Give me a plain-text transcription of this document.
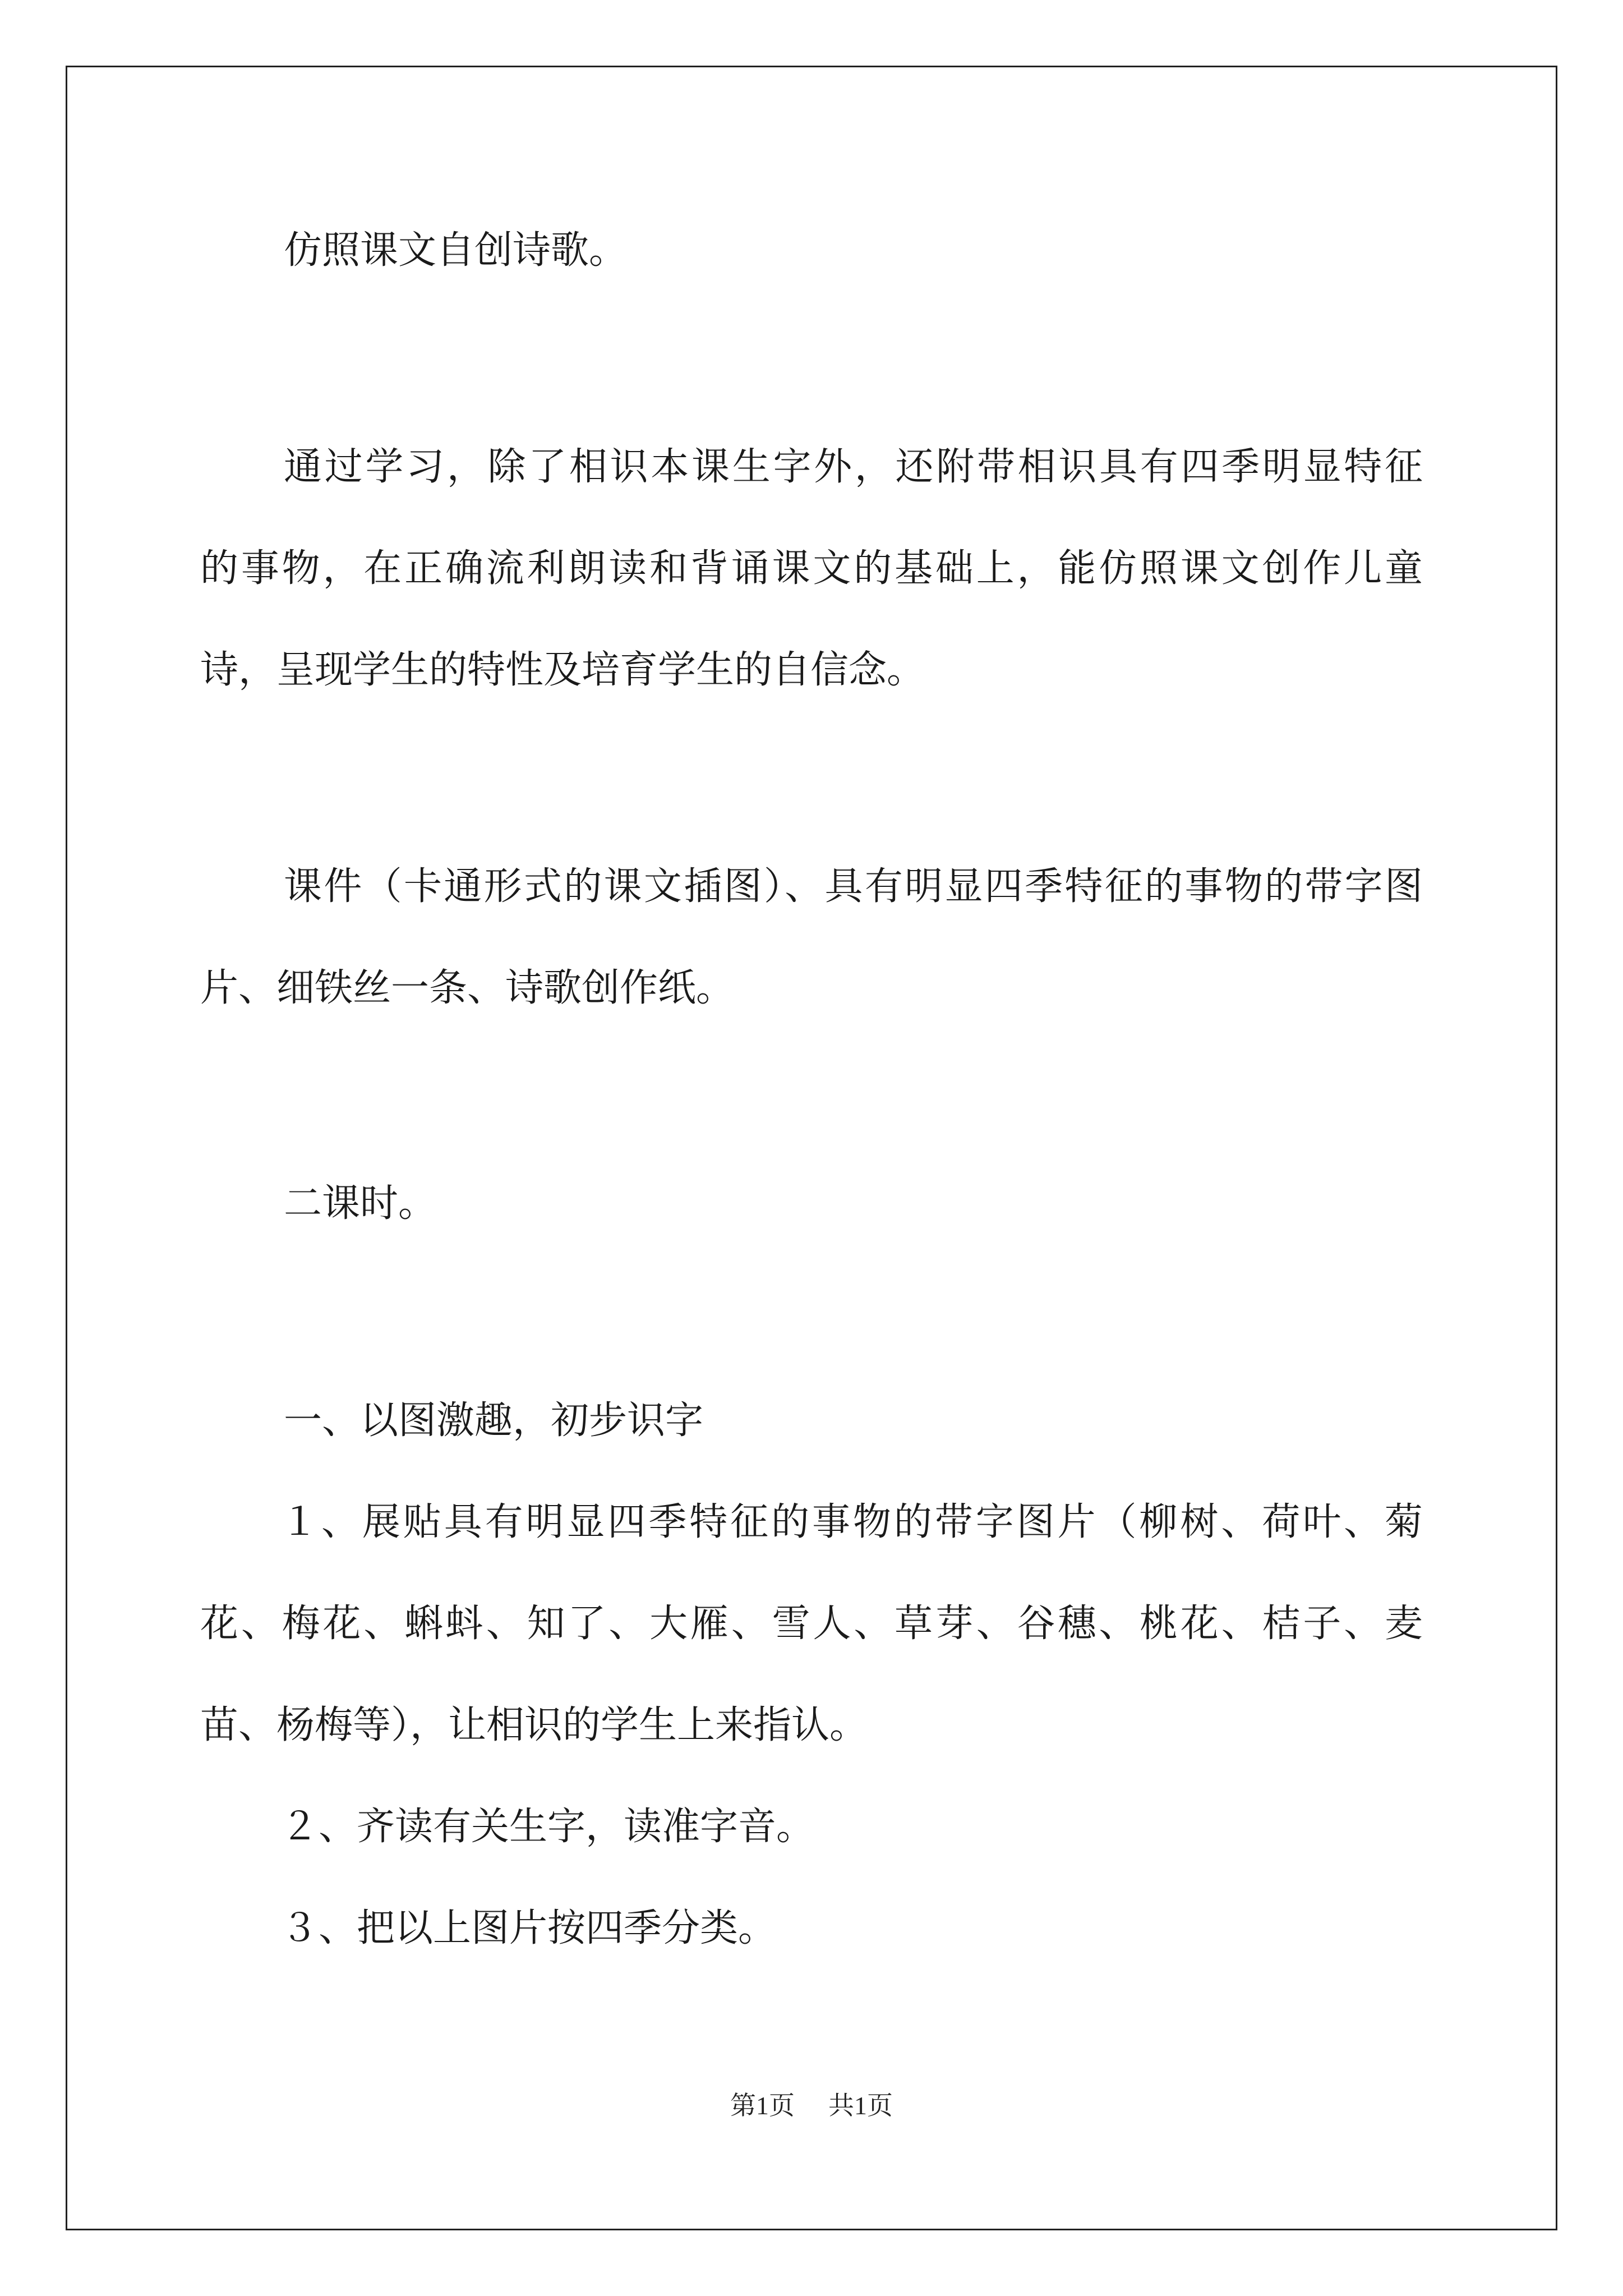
仿照课文自创诗歌。
通过学习，除了相识本课生字外，还附带相识具有四季明显特征
的事物，在正确流利朗读和背诵课文的基础上，能仿照课文创作儿童
诗，呈现学生的特性及培育学生的自信念。
课件（卡通形式的课文插图）、具有明显四季特征的事物的带字图
片、细铁丝一条、诗歌创作纸。
二课时。
一、以图激趣，初步识字
１、展贴具有明显四季特征的事物的带字图片（柳树、荷叶、菊
花、梅花、蝌蚪、知了、大雁、雪人、草芽、谷穗、桃花、桔子、麦
苗、杨梅等），让相识的学生上来指认。
２、齐读有关生字，读准字音。
３、把以上图片按四季分类。
第1页 共1页
